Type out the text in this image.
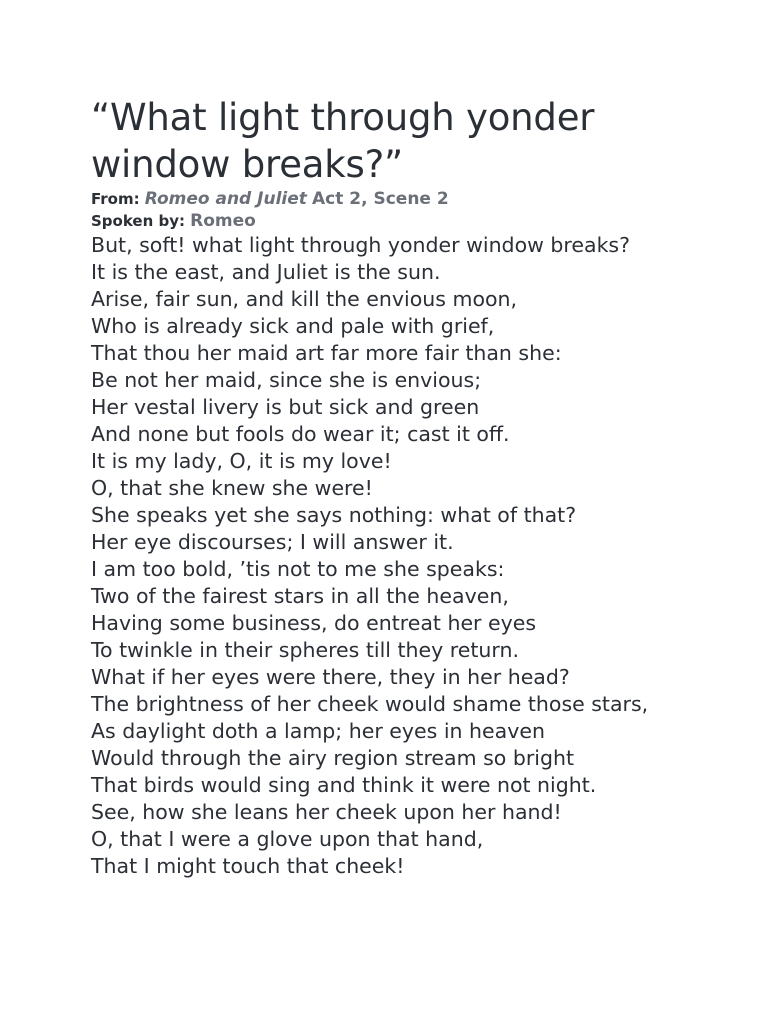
“What light through yonder window breaks?”
From: Romeo and Juliet Act 2, Scene 2
Spoken by: Romeo
But, soft! what light through yonder window breaks?
It is the east, and Juliet is the sun.
Arise, fair sun, and kill the envious moon,
Who is already sick and pale with grief,
That thou her maid art far more fair than she:
Be not her maid, since she is envious;
Her vestal livery is but sick and green
And none but fools do wear it; cast it off.
It is my lady, O, it is my love!
O, that she knew she were!
She speaks yet she says nothing: what of that?
Her eye discourses; I will answer it.
I am too bold, ’tis not to me she speaks:
Two of the fairest stars in all the heaven,
Having some business, do entreat her eyes
To twinkle in their spheres till they return.
What if her eyes were there, they in her head?
The brightness of her cheek would shame those stars,
As daylight doth a lamp; her eyes in heaven
Would through the airy region stream so bright
That birds would sing and think it were not night.
See, how she leans her cheek upon her hand!
O, that I were a glove upon that hand,
That I might touch that cheek!
